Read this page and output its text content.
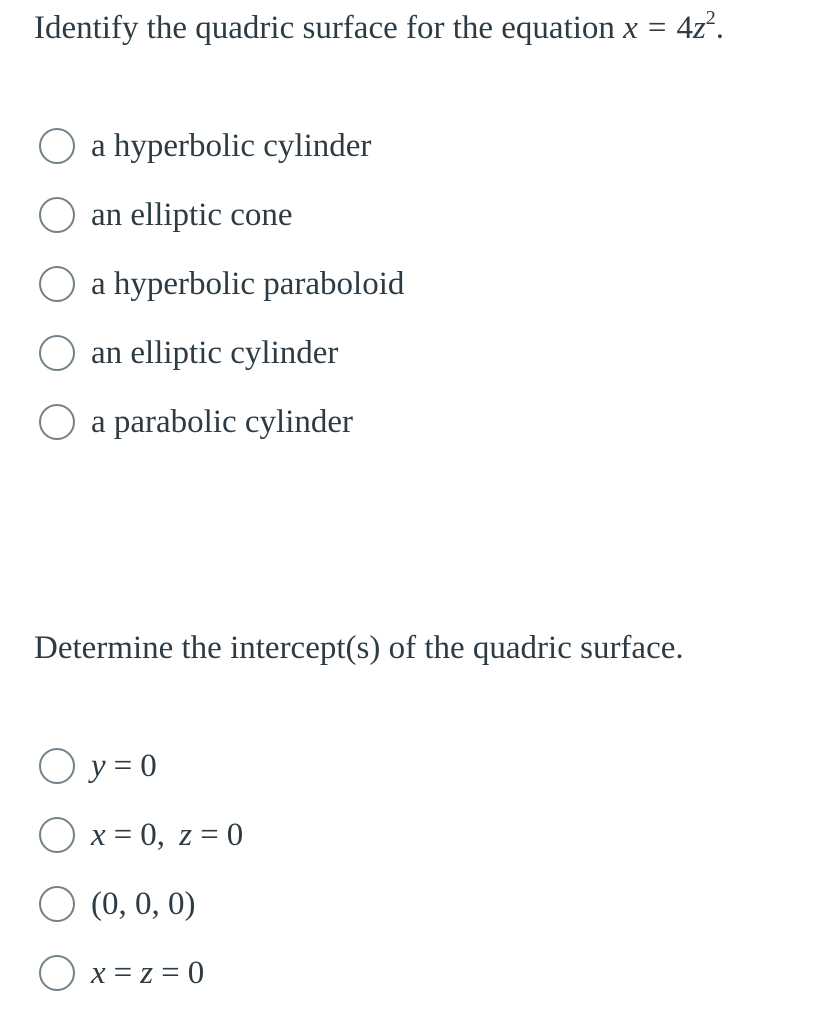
Identify the quadric surface for the equation $x = 4z^2$.
a hyperbolic cylinder
an elliptic cone
a hyperbolic paraboloid
an elliptic cylinder
a parabolic cylinder
Determine the intercept(s) of the quadric surface.
y = 0
x = 0, z = 0
(0, 0, 0)
x = z = 0
